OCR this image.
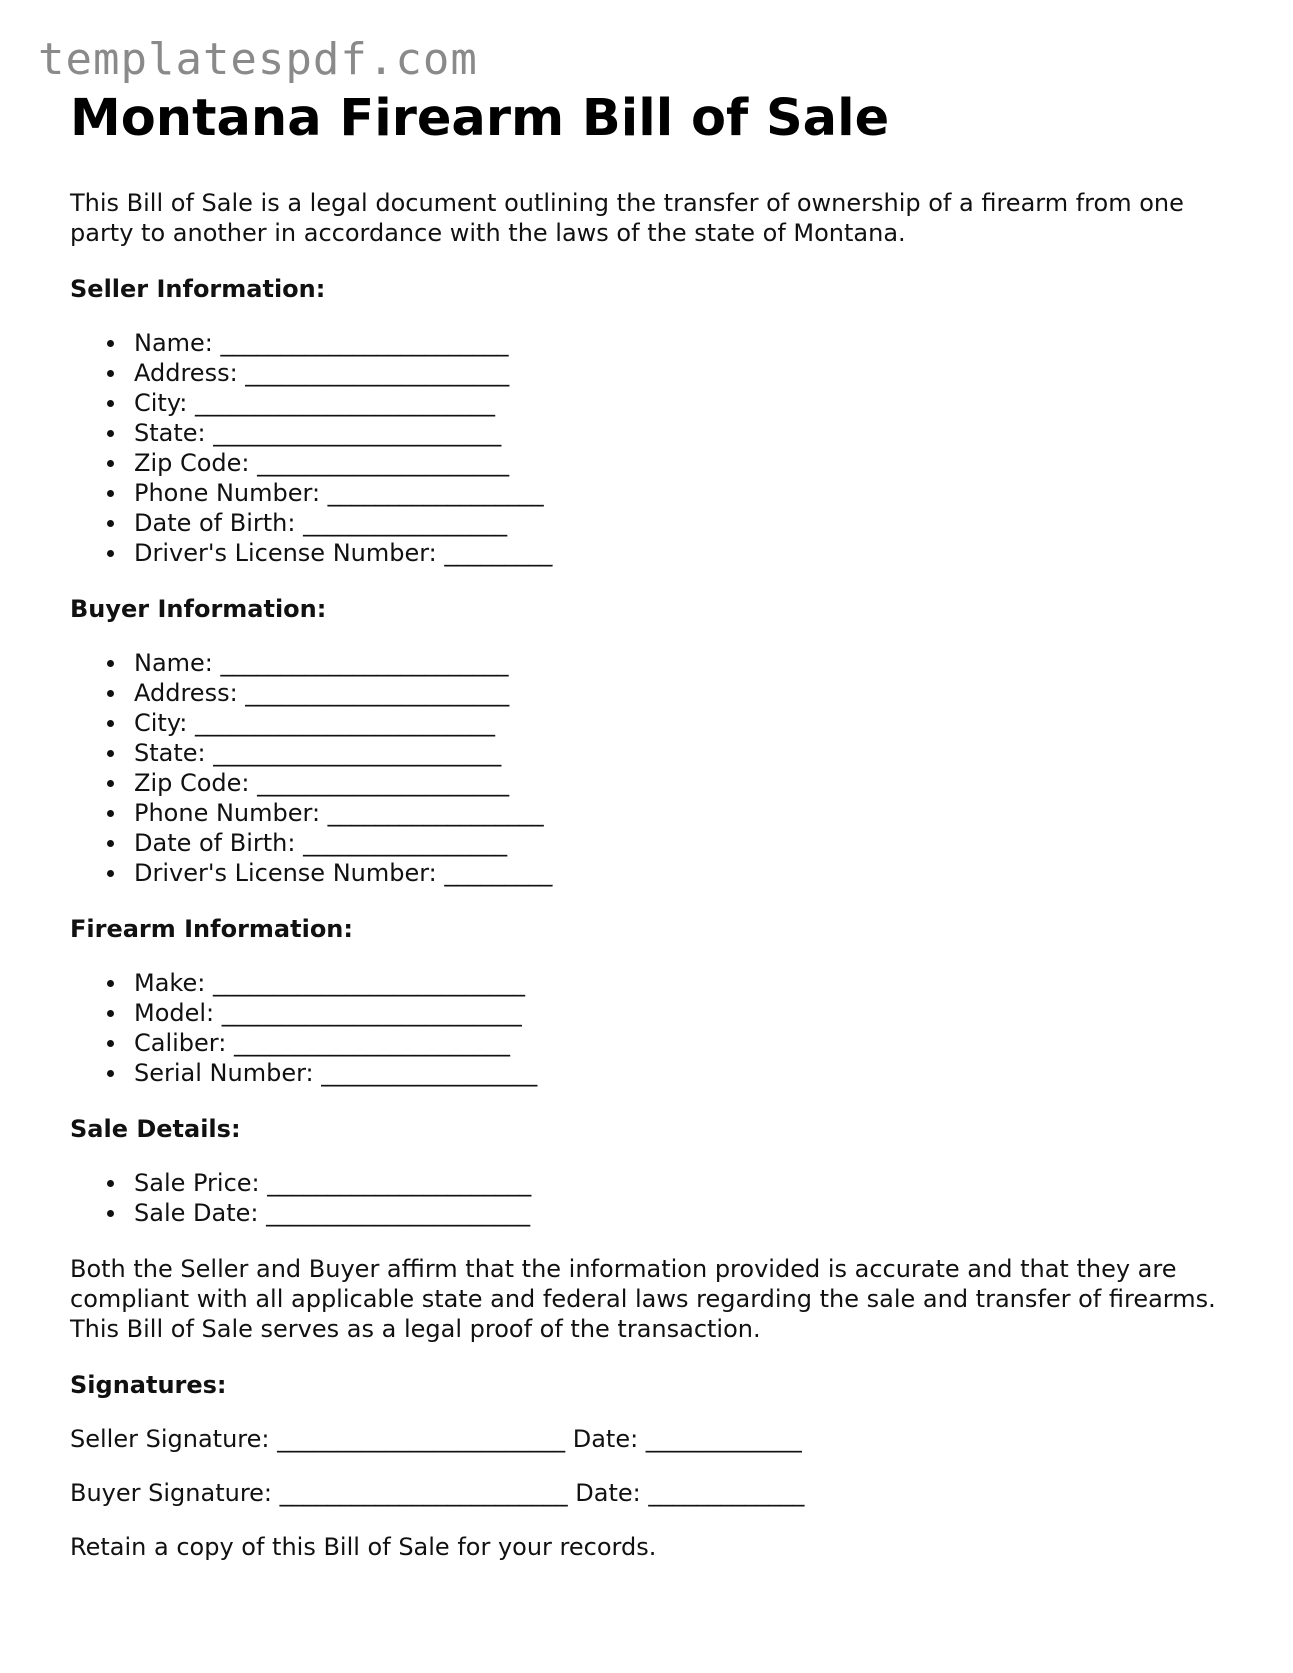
templatespdf.com
Montana Firearm Bill of Sale

This Bill of Sale is a legal document outlining the transfer of ownership of a firearm from one party to another in accordance with the laws of the state of Montana.

Seller Information:
Name: ________________________
Address: ______________________
City: _________________________
State: ________________________
Zip Code: _____________________
Phone Number: __________________
Date of Birth: _________________
Driver's License Number: _________
Buyer Information:
Name: ________________________
Address: ______________________
City: _________________________
State: ________________________
Zip Code: _____________________
Phone Number: __________________
Date of Birth: _________________
Driver's License Number: _________
Firearm Information:
Make: __________________________
Model: _________________________
Caliber: _______________________
Serial Number: __________________
Sale Details:
Sale Price: ______________________
Sale Date: ______________________

Both the Seller and Buyer affirm that the information provided is accurate and that they are compliant with all applicable state and federal laws regarding the sale and transfer of firearms. This Bill of Sale serves as a legal proof of the transaction.

Signatures:

Seller Signature: ________________________ Date: _____________

Buyer Signature: ________________________ Date: _____________

Retain a copy of this Bill of Sale for your records.
